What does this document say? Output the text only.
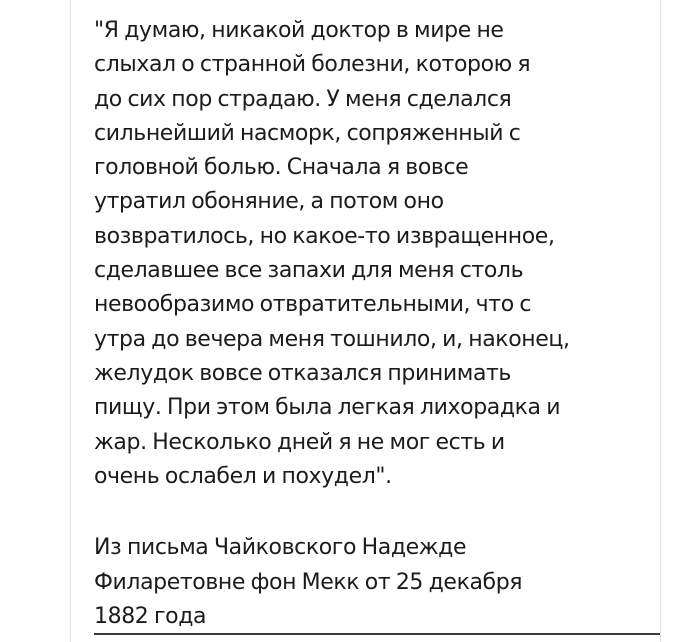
"Я думаю, никакой доктор в мире не
слыхал о странной болезни, которою я
до сих пор страдаю. У меня сделался
сильнейший насморк, сопряженный с
головной болью. Сначала я вовсе
утратил обоняние, а потом оно
возвратилось, но какое-то извращенное,
сделавшее все запахи для меня столь
невообразимо отвратительными, что с
утра до вечера меня тошнило, и, наконец,
желудок вовсе отказался принимать
пищу. При этом была легкая лихорадка и
жар. Несколько дней я не мог есть и
очень ослабел и похудел".
Из письма Чайковского Надежде
Филаретовне фон Мекк от 25 декабря
1882 года
